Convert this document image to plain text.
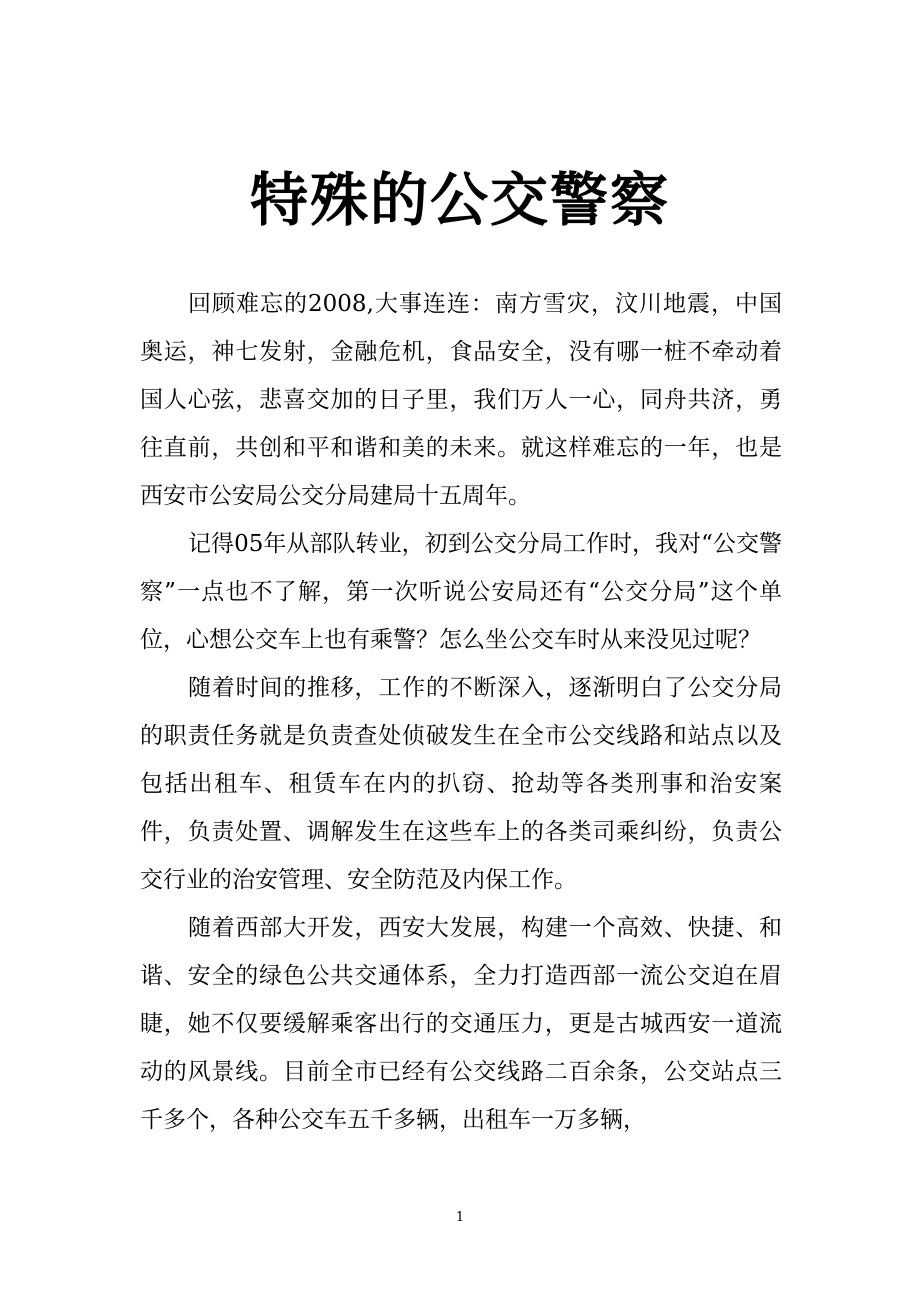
特殊的公交警察

回顾难忘的2008,大事连连：南方雪灾，汶川地震，中国奥运，神七发射，金融危机，食品安全，没有哪一桩不牵动着国人心弦，悲喜交加的日子里，我们万人一心，同舟共济，勇往直前，共创和平和谐和美的未来。就这样难忘的一年，也是西安市公安局公交分局建局十五周年。

记得05年从部队转业，初到公交分局工作时，我对“公交警察”一点也不了解，第一次听说公安局还有“公交分局”这个单位，心想公交车上也有乘警？怎么坐公交车时从来没见过呢？

随着时间的推移，工作的不断深入，逐渐明白了公交分局的职责任务就是负责查处侦破发生在全市公交线路和站点以及包括出租车、租赁车在内的扒窃、抢劫等各类刑事和治安案件，负责处置、调解发生在这些车上的各类司乘纠纷，负责公交行业的治安管理、安全防范及内保工作。

随着西部大开发，西安大发展，构建一个高效、快捷、和谐、安全的绿色公共交通体系，全力打造西部一流公交迫在眉睫，她不仅要缓解乘客出行的交通压力，更是古城西安一道流动的风景线。目前全市已经有公交线路二百余条，公交站点三千多个，各种公交车五千多辆，出租车一万多辆，

1
